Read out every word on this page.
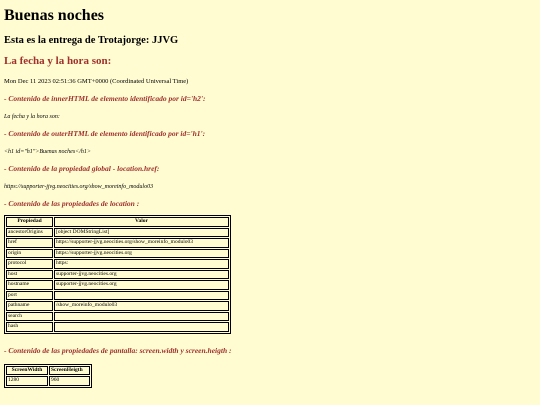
Buenas noches
Esta es la entrega de Trotajorge: JJVG
La fecha y la hora son:

Mon Dec 11 2023 02:51:36 GMT+0000 (Coordinated Universal Time)

- Contenido de innerHTML de elemento identificado por id='h2':

La fecha y la hora son:

- Contenido de outerHTML de elemento identificado por id='h1':

<h1 id="h1">Buenas noches</h1>

- Contenido de la propiedad global - location.href:

https://supporter-jjvg.neocities.org/show_moreinfo_modulo03

- Contenido de las propiedades de location :
Propiedad	Valor
ancestorOrigins	[object DOMStringList]
href	https://supporter-jjvg.neocities.org/show_moreinfo_modulo03
origin	https://supporter-jjvg.neocities.org
protocol	https:
host	supporter-jjvg.neocities.org
hostname	supporter-jjvg.neocities.org
port	
pathname	/show_moreinfo_modulo03
search	
hash	
- Contenido de las propiedades de pantalla: screen.width y screen.heigth :
ScreenWidth	ScreenHeigth
1280	960
